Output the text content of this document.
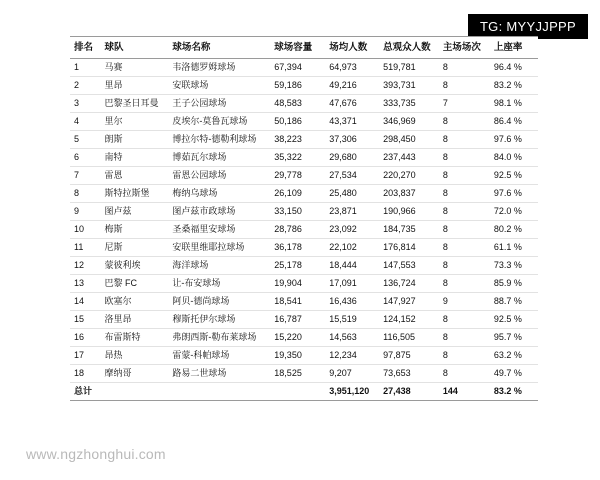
TG: MYYJJPPP
排名	球队	球场名称	球场容量	场均人数	总观众人数	主场场次	上座率
1	马赛	韦洛德罗姆球场	67,394	64,973	519,781	8	96.4 %
2	里昂	安联球场	59,186	49,216	393,731	8	83.2 %
3	巴黎圣日耳曼	王子公园球场	48,583	47,676	333,735	7	98.1 %
4	里尔	皮埃尔-莫鲁瓦球场	50,186	43,371	346,969	8	86.4 %
5	朗斯	博拉尔特-德勒利球场	38,223	37,306	298,450	8	97.6 %
6	南特	博茹瓦尔球场	35,322	29,680	237,443	8	84.0 %
7	雷恩	雷恩公园球场	29,778	27,534	220,270	8	92.5 %
8	斯特拉斯堡	梅纳乌球场	26,109	25,480	203,837	8	97.6 %
9	图卢兹	图卢兹市政球场	33,150	23,871	190,966	8	72.0 %
10	梅斯	圣桑福里安球场	28,786	23,092	184,735	8	80.2 %
11	尼斯	安联里维耶拉球场	36,178	22,102	176,814	8	61.1 %
12	蒙彼利埃	海洋球场	25,178	18,444	147,553	8	73.3 %
13	巴黎 FC	让-布安球场	19,904	17,091	136,724	8	85.9 %
14	欧塞尔	阿贝-德尚球场	18,541	16,436	147,927	9	88.7 %
15	洛里昂	穆斯托伊尔球场	16,787	15,519	124,152	8	92.5 %
16	布雷斯特	弗朗西斯-勒布莱球场	15,220	14,563	116,505	8	95.7 %
17	昂热	雷蒙-科帕球场	19,350	12,234	97,875	8	63.2 %
18	摩纳哥	路易二世球场	18,525	9,207	73,653	8	49.7 %
总计				3,951,120	27,438	144	83.2 %
www.ngzhonghui.com
